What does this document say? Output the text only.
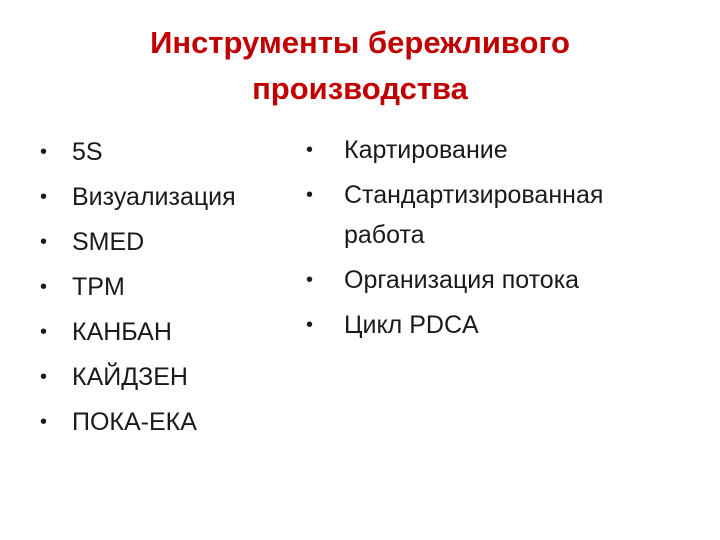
Инструменты бережливого
производства
• 5S
• Визуализация
• SMED
• TPM
• КАНБАН
• КАЙДЗЕН
• ПОКА-ЕКА
•	Картирование
•	Стандартизированная работа
•	Организация потока
•	Цикл PDCA
